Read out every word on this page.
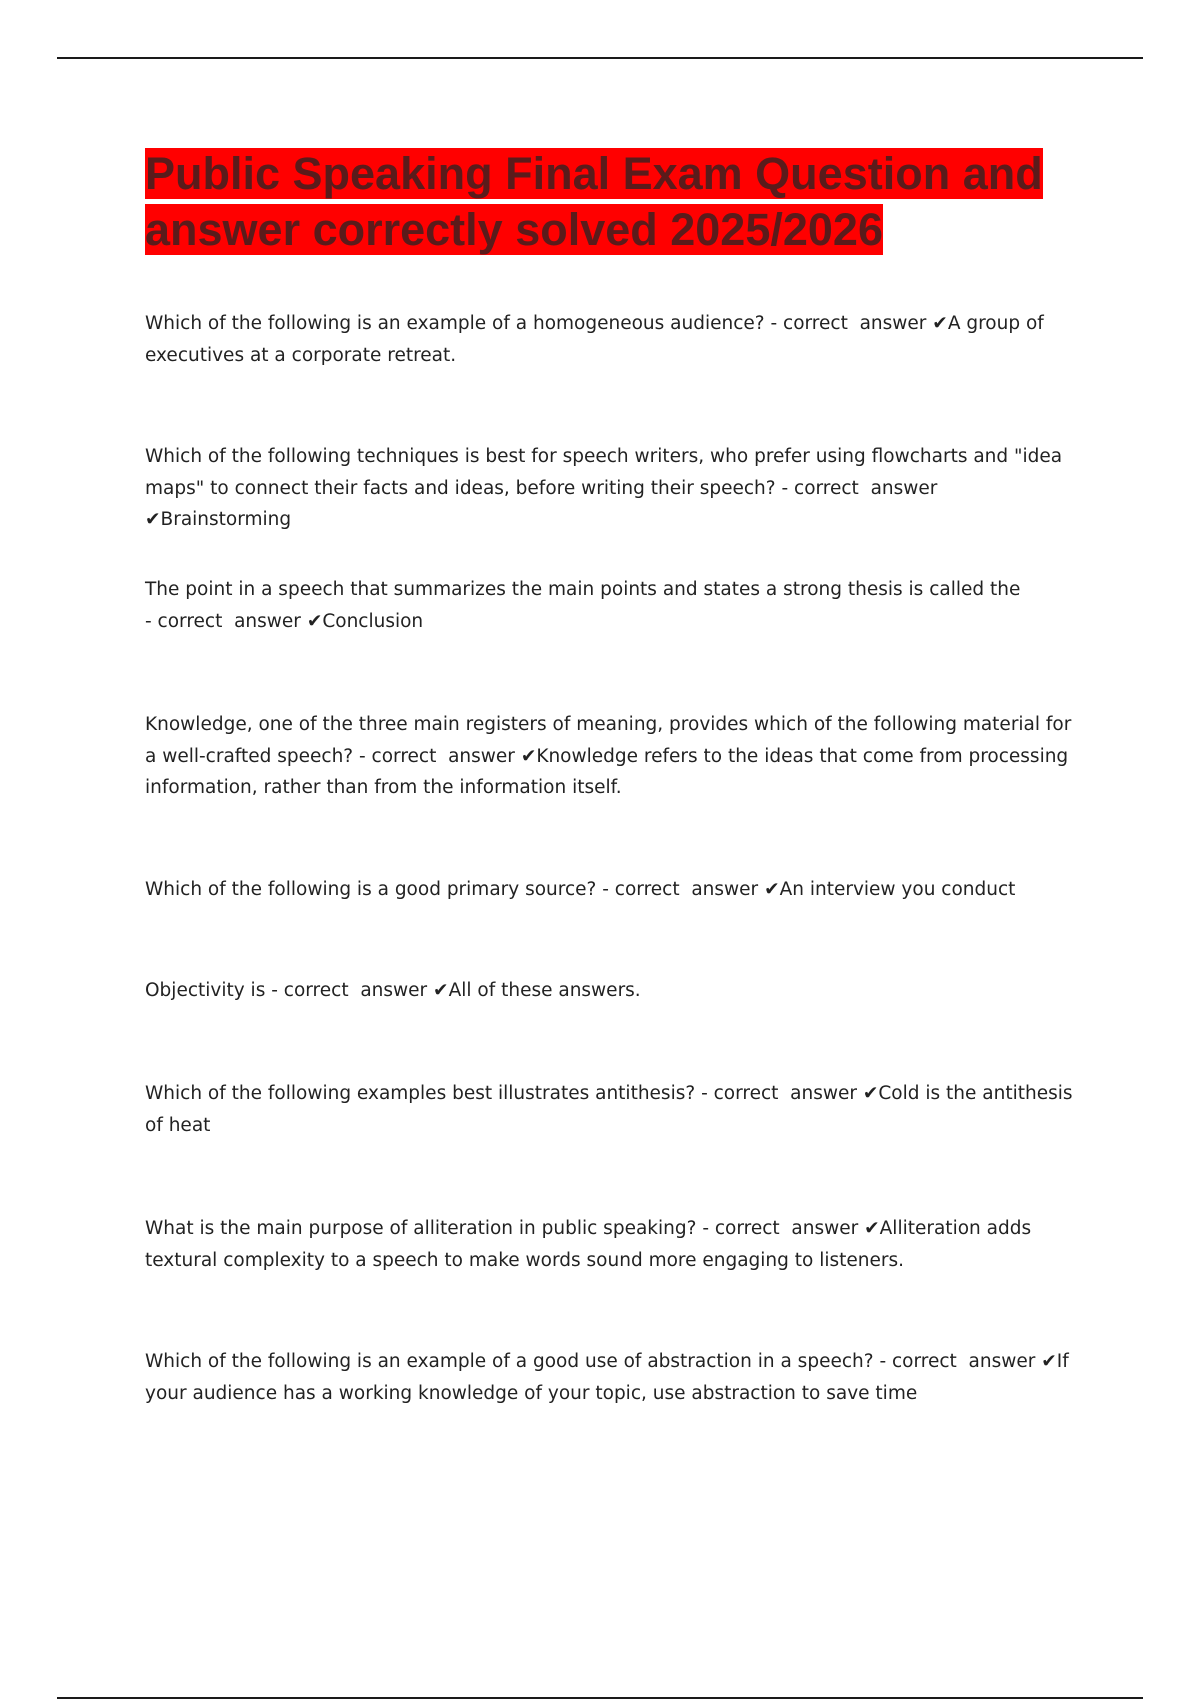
Public Speaking Final Exam Question and answer correctly solved 2025/2026

Which of the following is an example of a homogeneous audience? - correct  answer ✔A group of executives at a corporate retreat.

Which of the following techniques is best for speech writers, who prefer using flowcharts and "idea maps" to connect their facts and ideas, before writing their speech? - correct  answer ✔Brainstorming

The point in a speech that summarizes the main points and states a strong thesis is called the - correct  answer ✔Conclusion

Knowledge, one of the three main registers of meaning, provides which of the following material for a well-crafted speech? - correct  answer ✔Knowledge refers to the ideas that come from processing information, rather than from the information itself.

Which of the following is a good primary source? - correct  answer ✔An interview you conduct

Objectivity is - correct  answer ✔All of these answers.

Which of the following examples best illustrates antithesis? - correct  answer ✔Cold is the antithesis of heat

What is the main purpose of alliteration in public speaking? - correct  answer ✔Alliteration adds textural complexity to a speech to make words sound more engaging to listeners.

Which of the following is an example of a good use of abstraction in a speech? - correct  answer ✔If your audience has a working knowledge of your topic, use abstraction to save time
